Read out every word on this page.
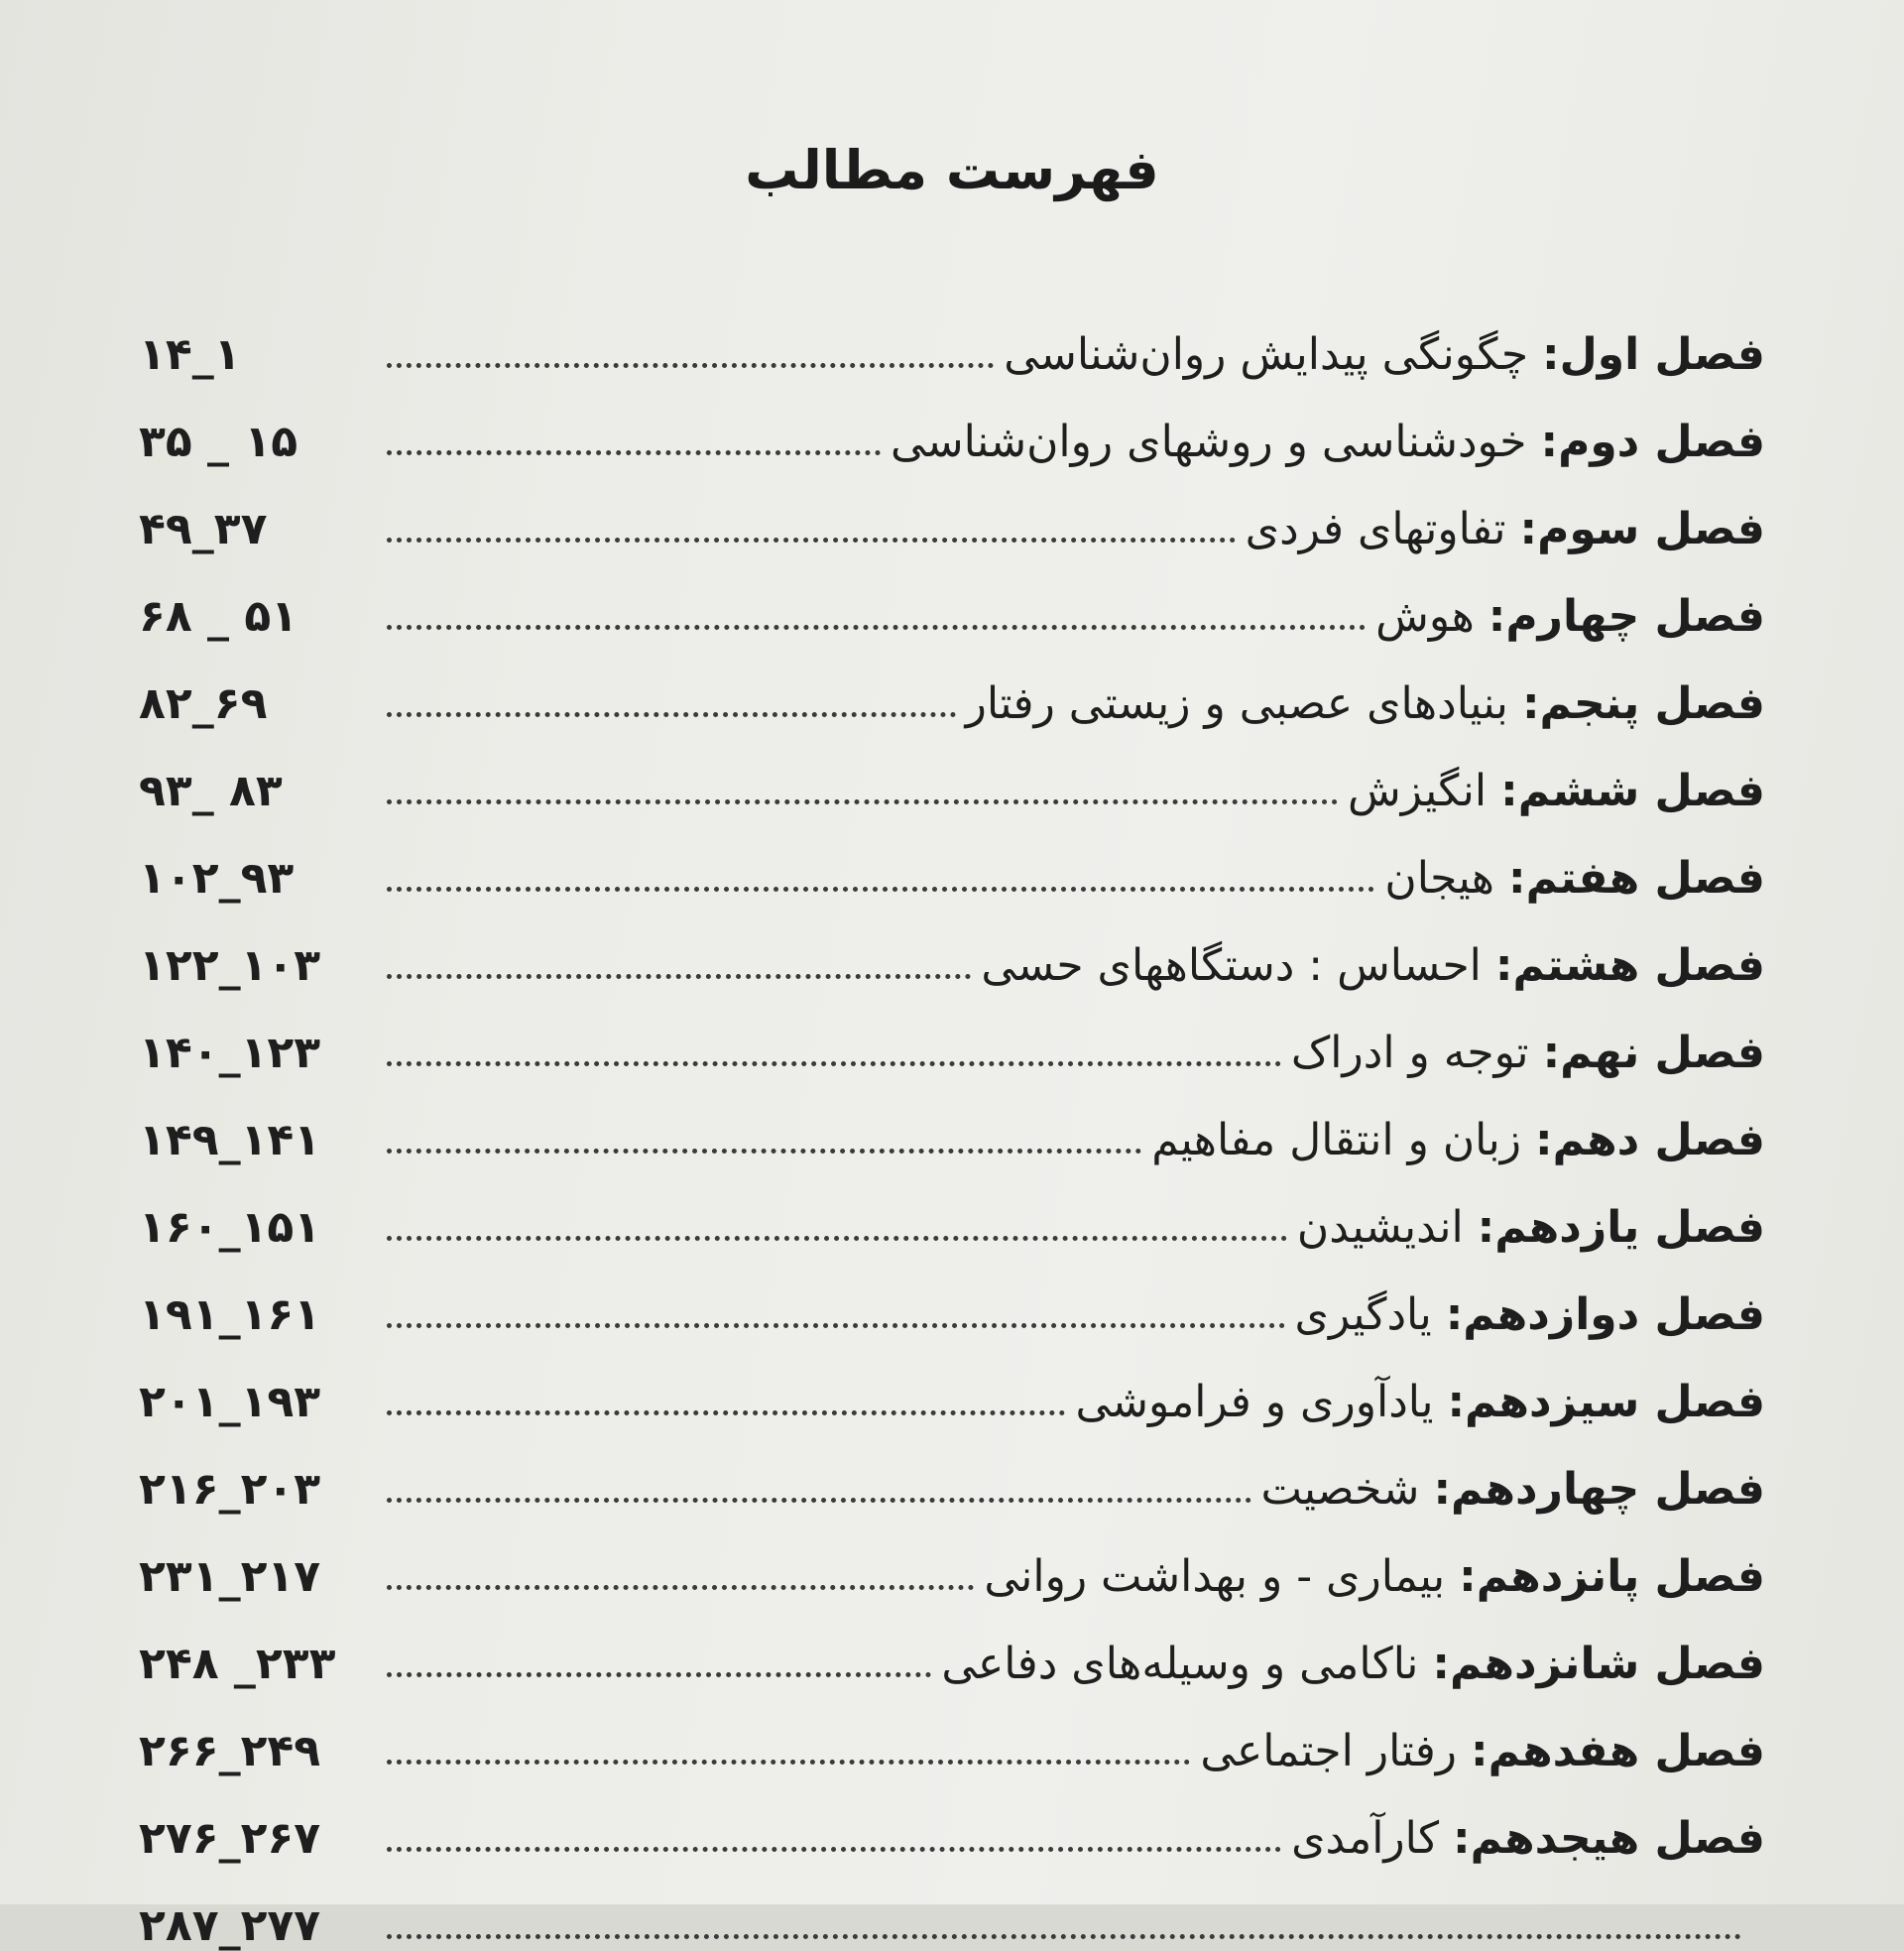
فهرست مطالب
فصل اول:
چگونگی پیدایش روان‌شناسی
۱۴_۱
فصل دوم:
خودشناسی و روشهای روان‌شناسی
۳۵ _ ۱۵
فصل سوم:
تفاوتهای فردی
۴۹_۳۷
فصل چهارم:
هوش
۶۸ _ ۵۱
فصل پنجم:
بنیادهای عصبی و زیستی رفتار
۸۲_۶۹
فصل ششم:
انگیزش
۹۳_ ۸۳
فصل هفتم:
هیجان
۱۰۲_۹۳
فصل هشتم:
احساس : دستگاههای حسی
۱۲۲_۱۰۳
فصل نهم:
توجه و ادراک
۱۴۰_۱۲۳
فصل دهم:
زبان و انتقال مفاهیم
۱۴۹_۱۴۱
فصل یازدهم:
اندیشیدن
۱۶۰_۱۵۱
فصل دوازدهم:
یادگیری
۱۹۱_۱۶۱
فصل سیزدهم:
یادآوری و فراموشی
۲۰۱_۱۹۳
فصل چهاردهم:
شخصیت
۲۱۶_۲۰۳
فصل پانزدهم:
بیماری - و بهداشت روانی
۲۳۱_۲۱۷
فصل شانزدهم:
ناکامی و وسیله‌های دفاعی
۲۴۸ _۲۳۳
فصل هفدهم:
رفتار اجتماعی
۲۶۶_۲۴۹
فصل هیجدهم:
کارآمدی
۲۷۶_۲۶۷
۲۸۷_۲۷۷
